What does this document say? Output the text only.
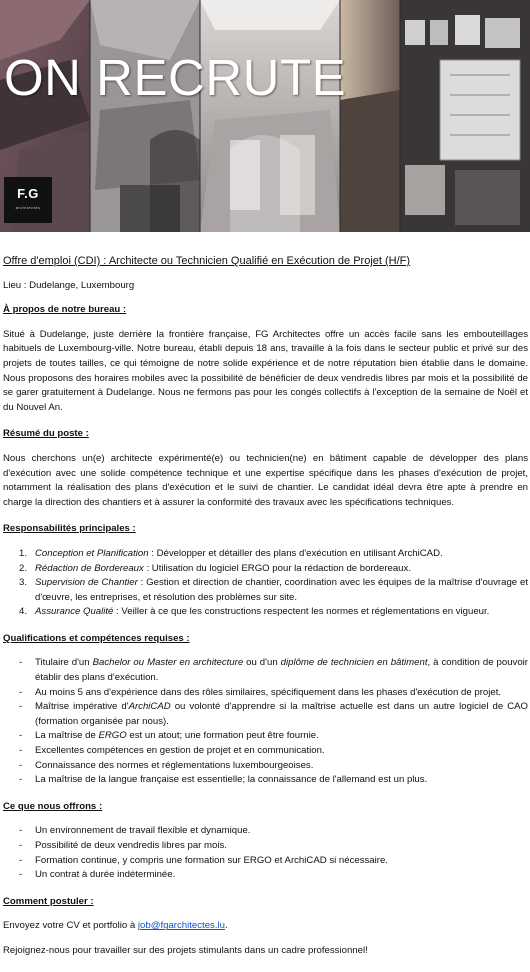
ON RECRUTE
F.G
architectes

Offre d'emploi (CDI) : Architecte ou Technicien Qualifié en Exécution de Projet (H/F)

Lieu : Dudelange, Luxembourg

À propos de notre bureau :

Situé à Dudelange, juste derrière la frontière française, FG Architectes offre un accès facile sans les embouteillages habituels de Luxembourg-ville. Notre bureau, établi depuis 18 ans, travaille à la fois dans le secteur public et privé sur des projets de toutes tailles, ce qui témoigne de notre solide expérience et de notre réputation bien établie dans le domaine. Nous proposons des horaires mobiles avec la possibilité de bénéficier de deux vendredis libres par mois et la possibilité de se garer gratuitement à Dudelange. Nous ne fermons pas pour les congés collectifs à l'exception de la semaine de Noël et du Nouvel An.

Résumé du poste :

Nous cherchons un(e) architecte expérimenté(e) ou technicien(ne) en bâtiment capable de développer des plans d'exécution avec une solide compétence technique et une expertise spécifique dans les phases d'exécution de projet, notamment la réalisation des plans d'exécution et le suivi de chantier. Le candidat idéal devra être apte à prendre en charge la direction des chantiers et à assurer la conformité des travaux avec les spécifications techniques.

Responsabilités principales :

1. Conception et Planification : Développer et détailler des plans d'exécution en utilisant ArchiCAD.
2. Rédaction de Bordereaux : Utilisation du logiciel ERGO pour la rédaction de bordereaux.
3. Supervision de Chantier : Gestion et direction de chantier, coordination avec les équipes de la maîtrise d'ouvrage et d'œuvre, les entreprises, et résolution des problèmes sur site.
4. Assurance Qualité : Veiller à ce que les constructions respectent les normes et réglementations en vigueur.

Qualifications et compétences requises :

- Titulaire d'un Bachelor ou Master en architecture ou d'un diplôme de technicien en bâtiment, à condition de pouvoir établir des plans d'exécution.
- Au moins 5 ans d'expérience dans des rôles similaires, spécifiquement dans les phases d'exécution de projet.
- Maîtrise impérative d'ArchiCAD ou volonté d'apprendre si la maîtrise actuelle est dans un autre logiciel de CAO (formation organisée par nous).
- La maîtrise de ERGO est un atout; une formation peut être fournie.
- Excellentes compétences en gestion de projet et en communication.
- Connaissance des normes et réglementations luxembourgeoises.
- La maîtrise de la langue française est essentielle; la connaissance de l'allemand est un plus.

Ce que nous offrons :

- Un environnement de travail flexible et dynamique.
- Possibilité de deux vendredis libres par mois.
- Formation continue, y compris une formation sur ERGO et ArchiCAD si nécessaire.
- Un contrat à durée indéterminée.

Comment postuler :

Envoyez votre CV et portfolio à job@fgarchitectes.lu.

Rejoignez-nous pour travailler sur des projets stimulants dans un cadre professionnel!
